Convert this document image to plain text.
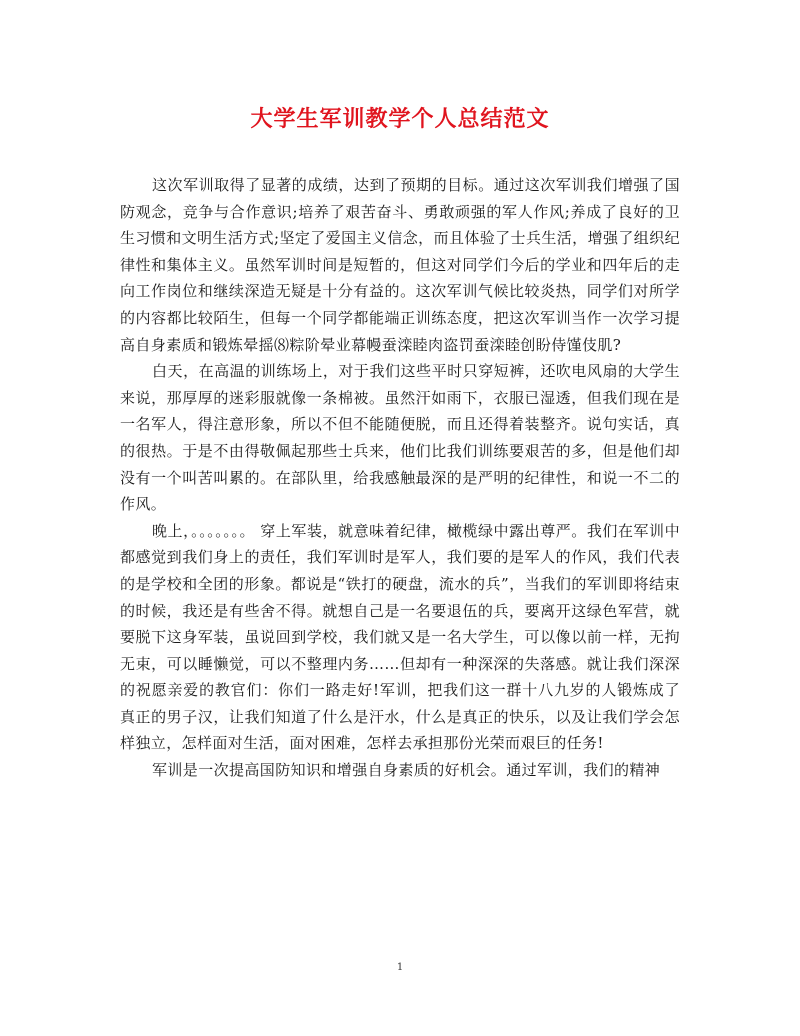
大学生军训教学个人总结范文

这次军训取得了显著的成绩，达到了预期的目标。通过这次军训我们增强了国防观念，竞争与合作意识;培养了艰苦奋斗、勇敢顽强的军人作风;养成了良好的卫生习惯和文明生活方式;坚定了爱国主义信念，而且体验了士兵生活，增强了组织纪律性和集体主义。虽然军训时间是短暂的，但这对同学们今后的学业和四年后的走向工作岗位和继续深造无疑是十分有益的。这次军训气候比较炎热，同学们对所学的内容都比较陌生，但每一个同学都能端正训练态度，把这次军训当作一次学习提高自身素质和锻炼晕摇⑻粽阶晕业幕幔蚕滦睦肉盗罚蚕滦睦创盼侍馑伎肌?

白天，在高温的训练场上，对于我们这些平时只穿短裤，还吹电风扇的大学生来说，那厚厚的迷彩服就像一条棉被。虽然汗如雨下，衣服已湿透，但我们现在是一名军人，得注意形象，所以不但不能随便脱，而且还得着装整齐。说句实话，真的很热。于是不由得敬佩起那些士兵来，他们比我们训练要艰苦的多，但是他们却没有一个叫苦叫累的。在部队里，给我感触最深的是严明的纪律性，和说一不二的作风。

晚上，。。。。。。。 穿上军装，就意味着纪律，橄榄绿中露出尊严。我们在军训中都感觉到我们身上的责任，我们军训时是军人，我们要的是军人的作风，我们代表的是学校和全团的形象。都说是“铁打的硬盘，流水的兵”，当我们的军训即将结束的时候，我还是有些舍不得。就想自己是一名要退伍的兵，要离开这绿色军营，就要脱下这身军装，虽说回到学校，我们就又是一名大学生，可以像以前一样，无拘无束，可以睡懒觉，可以不整理内务……但却有一种深深的失落感。就让我们深深的祝愿亲爱的教官们：你们一路走好!军训，把我们这一群十八九岁的人锻炼成了真正的男子汉，让我们知道了什么是汗水，什么是真正的快乐，以及让我们学会怎样独立，怎样面对生活，面对困难，怎样去承担那份光荣而艰巨的任务!

军训是一次提高国防知识和增强自身素质的好机会。通过军训，我们的精神

1
